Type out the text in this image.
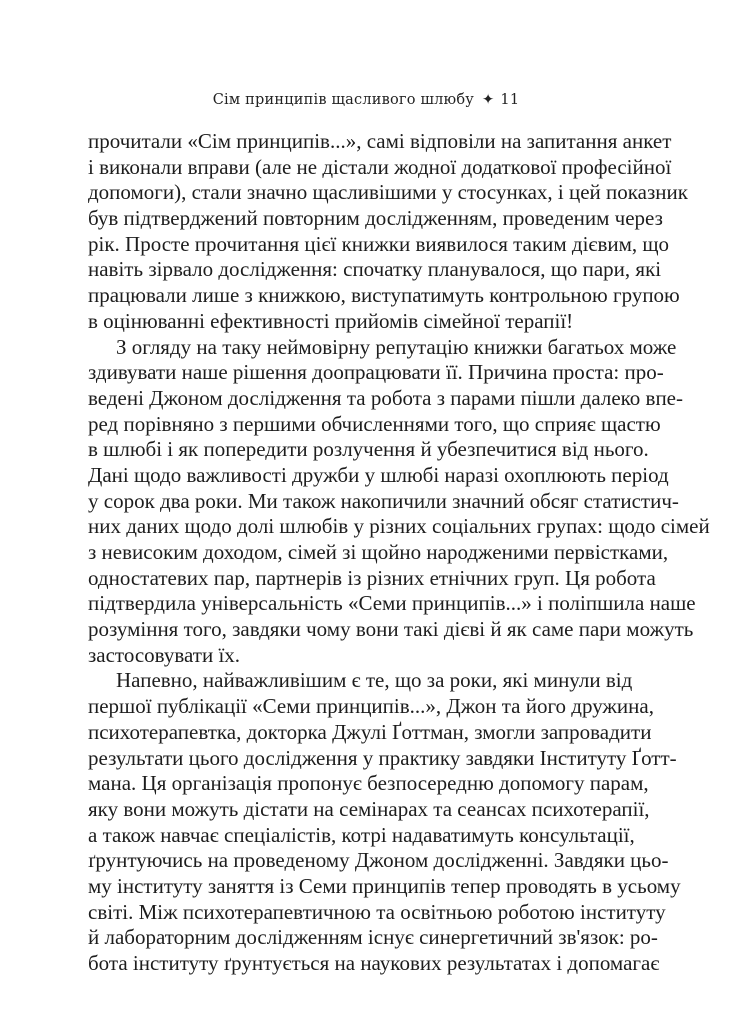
Сім принципів щасливого шлюбу ✦ 11
прочитали «Сім принципів...», самі відповіли на запитання анкет
і виконали вправи (але не дістали жодної додаткової професійної
допомоги), стали значно щасливішими у стосунках, і цей показник
був підтверджений повторним дослідженням, проведеним через
рік. Просте прочитання цієї книжки виявилося таким дієвим, що
навіть зірвало дослідження: спочатку планувалося, що пари, які
працювали лише з книжкою, виступатимуть контрольною групою
в оцінюванні ефективності прийомів сімейної терапії!
З огляду на таку неймовірну репутацію книжки багатьох може
здивувати наше рішення доопрацювати її. Причина проста: про-
ведені Джоном дослідження та робота з парами пішли далеко впе-
ред порівняно з першими обчисленнями того, що сприяє щастю
в шлюбі і як попередити розлучення й убезпечитися від нього.
Дані щодо важливості дружби у шлюбі наразі охоплюють період
у сорок два роки. Ми також накопичили значний обсяг статистич-
них даних щодо долі шлюбів у різних соціальних групах: щодо сімей
з невисоким доходом, сімей зі щойно народженими первістками,
одностатевих пар, партнерів із різних етнічних груп. Ця робота
підтвердила універсальність «Семи принципів...» і поліпшила наше
розуміння того, завдяки чому вони такі дієві й як саме пари можуть
застосовувати їх.
Напевно, найважливішим є те, що за роки, які минули від
першої публікації «Семи принципів...», Джон та його дружина,
психотерапевтка, докторка Джулі Ґоттман, змогли запровадити
результати цього дослідження у практику завдяки Інституту Ґотт-
мана. Ця організація пропонує безпосередню допомогу парам,
яку вони можуть дістати на семінарах та сеансах психотерапії,
а також навчає спеціалістів, котрі надаватимуть консультації,
ґрунтуючись на проведеному Джоном дослідженні. Завдяки цьо-
му інституту заняття із Семи принципів тепер проводять в усьому
світі. Між психотерапевтичною та освітньою роботою інституту
й лабораторним дослідженням існує синергетичний зв'язок: ро-
бота інституту ґрунтується на наукових результатах і допомагає
